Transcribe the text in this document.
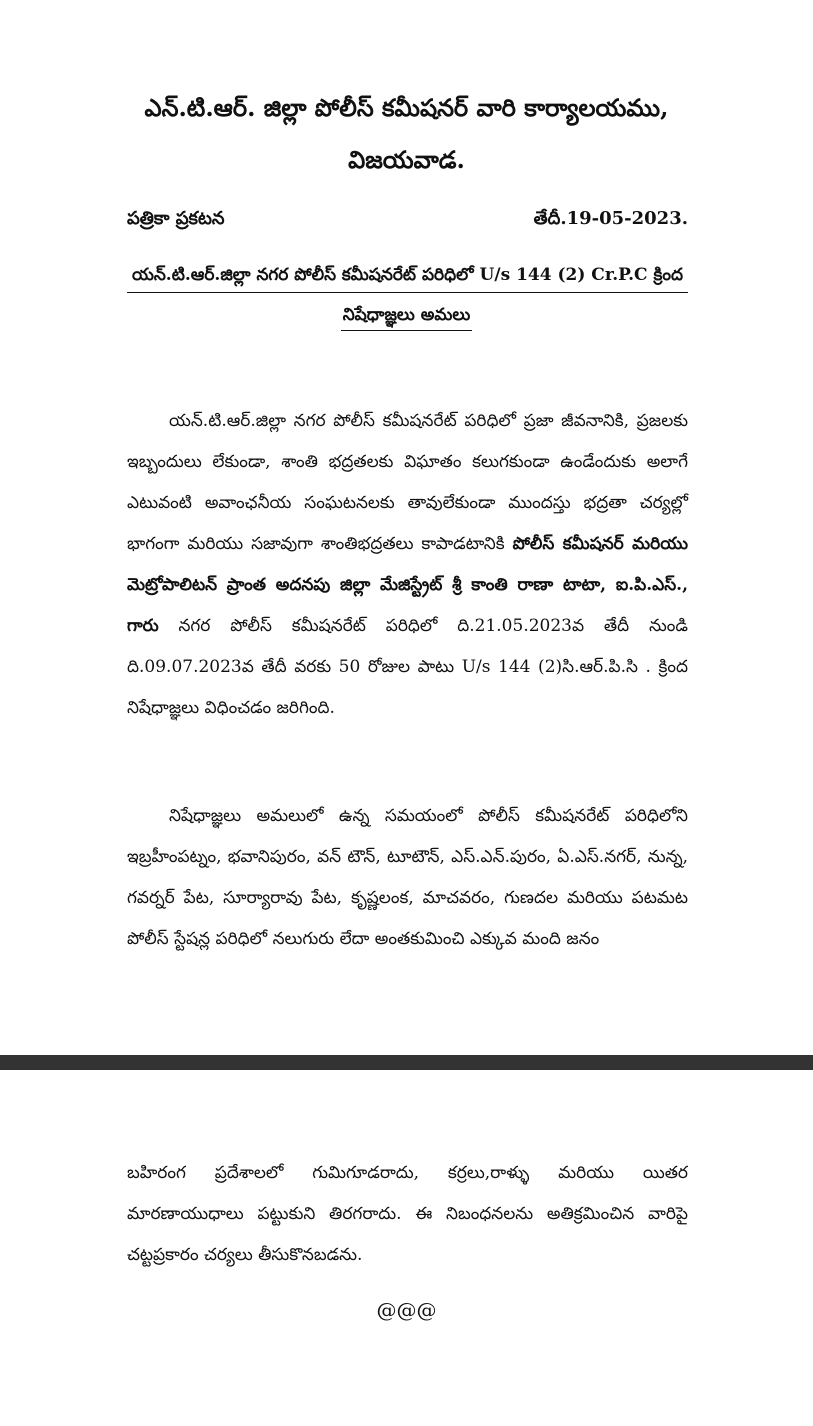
ఎన్.టి.ఆర్. జిల్లా పోలీస్ కమీషనర్ వారి కార్యాలయము,
విజయవాడ.
పత్రికా ప్రకటన	తేదీ.19-05-2023.
యన్.టి.ఆర్.జిల్లా నగర పోలీస్ కమీషనరేట్ పరిధిలో U/s 144 (2) Cr.P.C క్రింద
నిషేధాజ్ఞలు అమలు

యన్.టి.ఆర్.జిల్లా నగర పోలీస్ కమీషనరేట్ పరిధిలో ప్రజా జీవనానికి, ప్రజలకు ఇబ్బందులు లేకుండా, శాంతి భద్రతలకు విఘాతం కలుగకుండా ఉండేందుకు అలాగే ఎటువంటి అవాంఛనీయ సంఘటనలకు తావులేకుండా ముందస్తు భద్రతా చర్యల్లో భాగంగా మరియు సజావుగా శాంతిభద్రతలు కాపాడటానికి పోలీస్ కమీషనర్ మరియు మెట్రోపాలిటన్ ప్రాంత అదనపు జిల్లా మేజిస్ట్రేట్ శ్రీ కాంతి రాణా టాటా, ఐ.పి.ఎస్., గారు నగర పోలీస్ కమీషనరేట్ పరిధిలో ది.21.05.2023వ తేదీ నుండి ది.09.07.2023వ తేదీ వరకు 50 రోజుల పాటు U/s 144 (2)సి.ఆర్.పి.సి . క్రింద నిషేధాజ్ఞలు విధించడం జరిగింది.

నిషేధాజ్ఞలు అమలులో ఉన్న సమయంలో పోలీస్ కమీషనరేట్ పరిధిలోని ఇబ్రహీంపట్నం, భవానిపురం, వన్ టౌన్, టూటౌన్, ఎస్.ఎన్.పురం, ఏ.ఎస్.నగర్, నున్న, గవర్నర్ పేట, సూర్యారావు పేట, కృష్ణలంక, మాచవరం, గుణదల మరియు పటమట పోలీస్ స్టేషన్ల పరిధిలో నలుగురు లేదా అంతకుమించి ఎక్కువ మంది జనం

బహిరంగ ప్రదేశాలలో గుమిగూడరాదు, కర్రలు,రాళ్ళు మరియు యితర మారణాయుధాలు పట్టుకుని తిరగరాదు. ఈ నిబంధనలను అతిక్రమించిన వారిపై చట్టప్రకారం చర్యలు తీసుకొనబడను.

@@@
